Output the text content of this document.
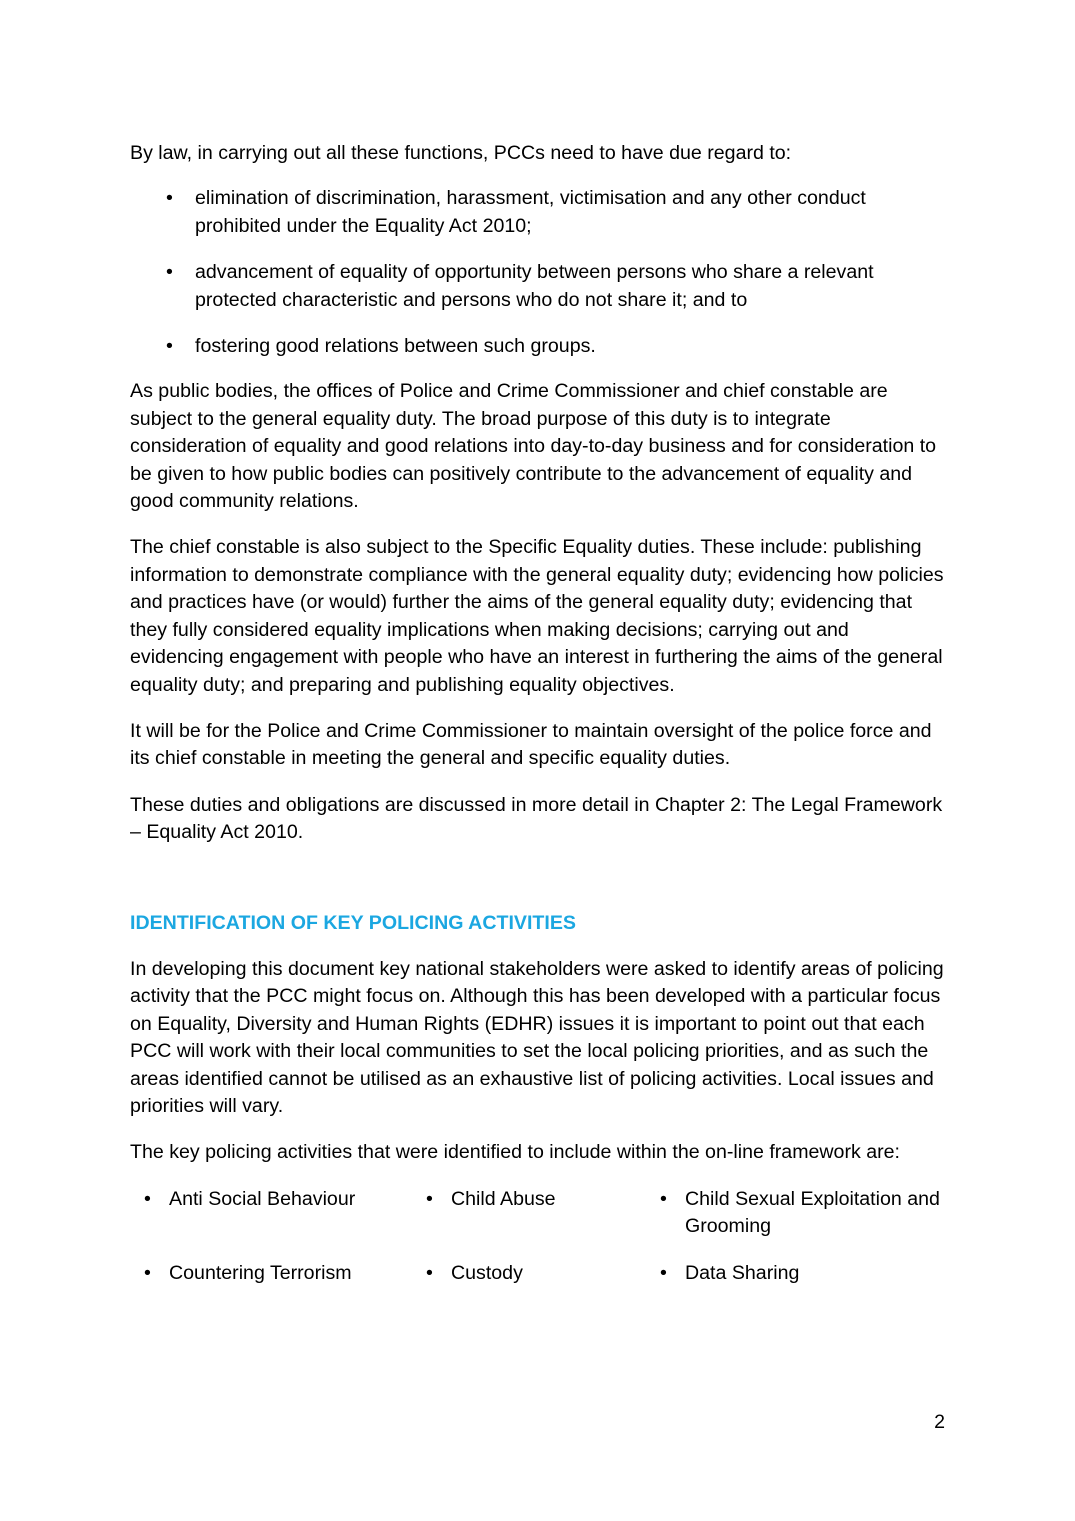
By law, in carrying out all these functions, PCCs need to have due regard to:

• elimination of discrimination, harassment, victimisation and any other conduct prohibited under the Equality Act 2010;
• advancement of equality of opportunity between persons who share a relevant protected characteristic and persons who do not share it; and to
• fostering good relations between such groups.

As public bodies, the offices of Police and Crime Commissioner and chief constable are subject to the general equality duty. The broad purpose of this duty is to integrate consideration of equality and good relations into day-to-day business and for consideration to be given to how public bodies can positively contribute to the advancement of equality and good community relations.

The chief constable is also subject to the Specific Equality duties. These include: publishing information to demonstrate compliance with the general equality duty; evidencing how policies and practices have (or would) further the aims of the general equality duty; evidencing that they fully considered equality implications when making decisions; carrying out and evidencing engagement with people who have an interest in furthering the aims of the general equality duty; and preparing and publishing equality objectives.

It will be for the Police and Crime Commissioner to maintain oversight of the police force and its chief constable in meeting the general and specific equality duties.

These duties and obligations are discussed in more detail in Chapter 2: The Legal Framework – Equality Act 2010.

IDENTIFICATION OF KEY POLICING ACTIVITIES

In developing this document key national stakeholders were asked to identify areas of policing activity that the PCC might focus on. Although this has been developed with a particular focus on Equality, Diversity and Human Rights (EDHR) issues it is important to point out that each PCC will work with their local communities to set the local policing priorities, and as such the areas identified cannot be utilised as an exhaustive list of policing activities. Local issues and priorities will vary.

The key policing activities that were identified to include within the on-line framework are:

• Anti Social Behaviour	• Child Abuse	• Child Sexual Exploitation and Grooming
• Countering Terrorism	• Custody	• Data Sharing
2
